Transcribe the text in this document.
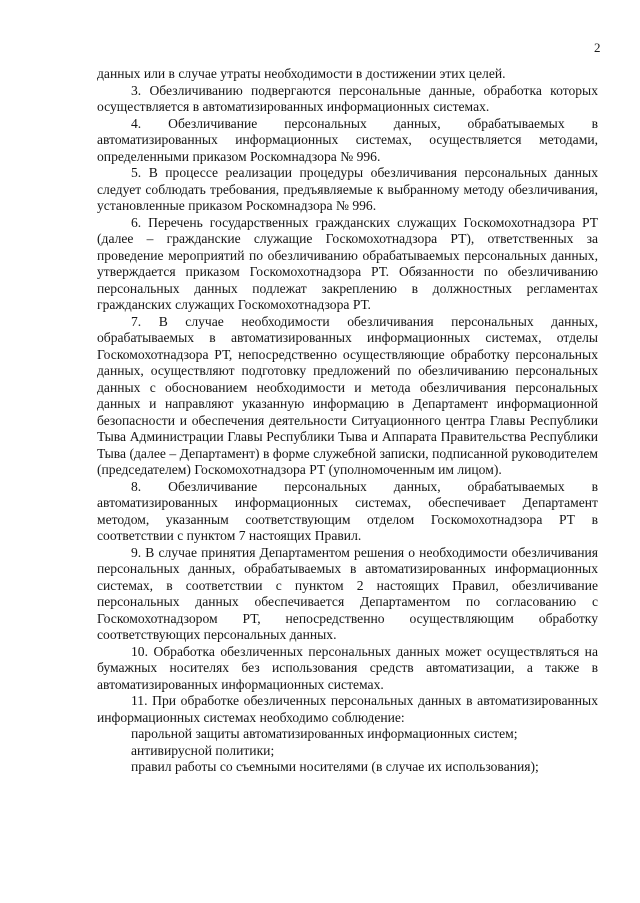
2

данных или в случае утраты необходимости в достижении этих целей.

3. Обезличиванию подвергаются персональные данные, обработка которых осуществляется в автоматизированных информационных системах.

4. Обезличивание персональных данных, обрабатываемых в автоматизированных информационных системах, осуществляется методами, определенными приказом Роскомнадзора № 996.

5. В процессе реализации процедуры обезличивания персональных данных следует соблюдать требования, предъявляемые к выбранному методу обезличивания, установленные приказом Роскомнадзора № 996.

6. Перечень государственных гражданских служащих Госкомохотнадзора РТ (далее – гражданские служащие Госкомохотнадзора РТ), ответственных за проведение мероприятий по обезличиванию обрабатываемых персональных данных, утверждается приказом Госкомохотнадзора РТ. Обязанности по обезличиванию персональных данных подлежат закреплению в должностных регламентах гражданских служащих Госкомохотнадзора РТ.

7. В случае необходимости обезличивания персональных данных, обрабатываемых в автоматизированных информационных системах, отделы Госкомохотнадзора РТ, непосредственно осуществляющие обработку персональных данных, осуществляют подготовку предложений по обезличиванию персональных данных с обоснованием необходимости и метода обезличивания персональных данных и направляют указанную информацию в Департамент информационной безопасности и обеспечения деятельности Ситуационного центра Главы Республики Тыва Администрации Главы Республики Тыва и Аппарата Правительства Республики Тыва (далее – Департамент) в форме служебной записки, подписанной руководителем (председателем) Госкомохотнадзора РТ (уполномоченным им лицом).

8. Обезличивание персональных данных, обрабатываемых в автоматизированных информационных системах, обеспечивает Департамент методом, указанным соответствующим отделом Госкомохотнадзора РТ в соответствии с пунктом 7 настоящих Правил.

9. В случае принятия Департаментом решения о необходимости обезличивания персональных данных, обрабатываемых в автоматизированных информационных системах, в соответствии с пунктом 2 настоящих Правил, обезличивание персональных данных обеспечивается Департаментом по согласованию с Госкомохотнадзором РТ, непосредственно осуществляющим обработку соответствующих персональных данных.

10. Обработка обезличенных персональных данных может осуществляться на бумажных носителях без использования средств автоматизации, а также в автоматизированных информационных системах.

11. При обработке обезличенных персональных данных в автоматизированных информационных системах необходимо соблюдение:

парольной защиты автоматизированных информационных систем;

антивирусной политики;

правил работы со съемными носителями (в случае их использования);
